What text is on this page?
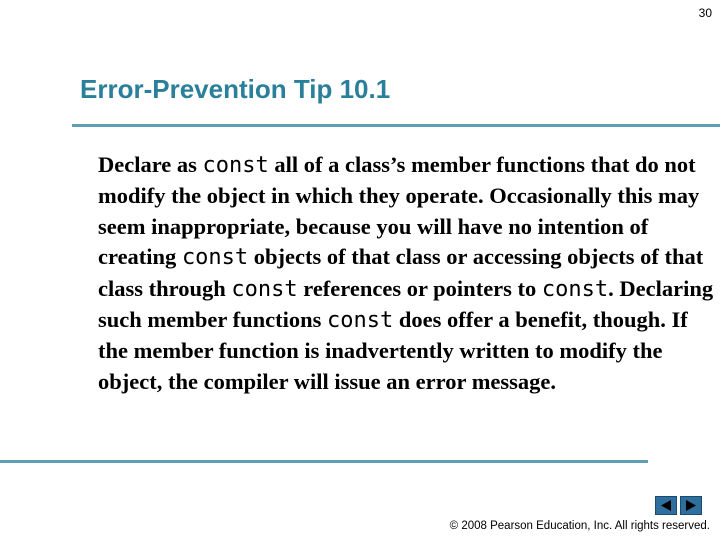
30
Error-Prevention Tip 10.1
Declare as const all of a class’s member functions that do not modify the object in which they operate. Occasionally this may seem inappropriate, because you will have no intention of creating const objects of that class or accessing objects of that class through const references or pointers to const. Declaring such member functions const does offer a benefit, though. If the member function is inadvertently written to modify the object, the compiler will issue an error message.
© 2008 Pearson Education, Inc. All rights reserved.
